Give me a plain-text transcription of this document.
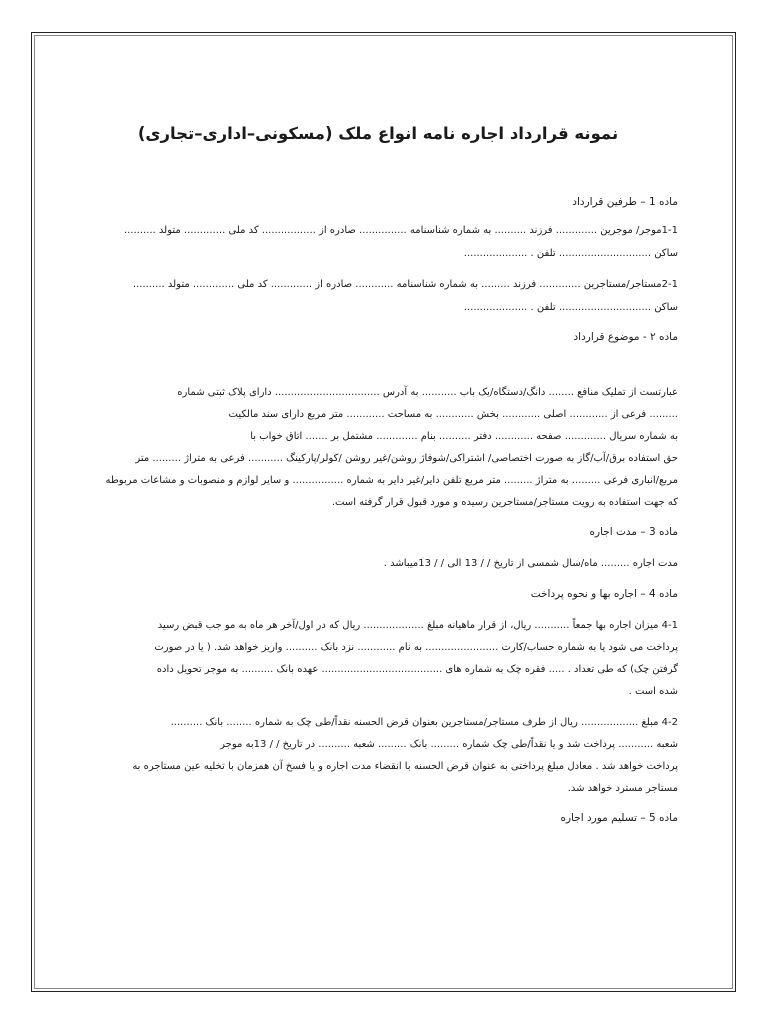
نمونه قرارداد اجاره نامه انواع ملک (مسکونی–اداری–تجاری)

ماده 1 – طرفین قرارداد

1-1موجر/ موجرین ............. فرزند .......... به شماره شناسنامه ............... صادره از ................. کد ملی ............. متولد ..........

ساکن ............................. تلفن . ....................

2-1مستاجر/مستاجرین ............. فرزند ......... به شماره شناسنامه ............ صادره از ............. کد ملی ............. متولد ..........

ساکن ............................. تلفن . ....................

ماده ۲ - موضوع قرارداد

عبارتست از تملیک منافع ........ دانگ/دستگاه/یک باب ........... به آدرس ................................. دارای پلاک ثبتی شماره

......... فرعی از ............ اصلی ............ بخش ............ به مساحت ............ متر مربع دارای سند مالکیت

به شماره سریال ............. صفحه ............ دفتر .......... بنام ............. مشتمل بر ....... اتاق خواب با

حق استفاده برق/آب/گاز به صورت اختصاصی/ اشتراکی/شوفاژ روشن/غیر روشن /کولر/پارکینگ ........... فرعی به متراژ ......... متر

مربع/انباری فرعی ......... به متراژ ......... متر مربع تلفن دایر/غیر دایر به شماره ................ و سایر لوازم و منصوبات و مشاعات مربوطه

که جهت استفاده به رویت مستاجر/مستاجرین رسیده و مورد قبول قرار گرفته است.

ماده 3 – مدت اجاره

مدت اجاره ......... ماه/سال شمسی از تاریخ / / 13 الی / / 13میباشد .

ماده 4 – اجاره بها و نحوه پرداخت

4-1 میزان اجاره بها جمعاً ........... ریال، از قرار ماهیانه مبلغ ................... ریال که در اول/آخر هر ماه به مو جب قبض رسید

پرداخت می شود یا به شماره حساب/کارت ....................... به نام ............ نزد بانک .......... واریز خواهد شد. ( یا در صورت

گرفتن چک) که طی تعداد . ..... فقره چک به شماره های ...................................... عهده بانک .......... به موجر تحویل داده

شده است .

4-2 مبلغ .................. ریال از طرف مستاجر/مستاجرین بعنوان قرض الحسنه نقداً/طی چک به شماره ........ بانک ..........

شعبه ........... پرداخت شد و یا نقداً/طی چک شماره ......... بانک ......... شعبه .......... در تاریخ / / 13به موجر

پرداخت خواهد شد . معادل مبلغ پرداختی به عنوان قرض الحسنه با انقضاء مدت اجاره و یا فسخ آن همزمان با تخلیه عین مستاجره به

مستاجر مسترد خواهد شد.

ماده 5 – تسلیم مورد اجاره
